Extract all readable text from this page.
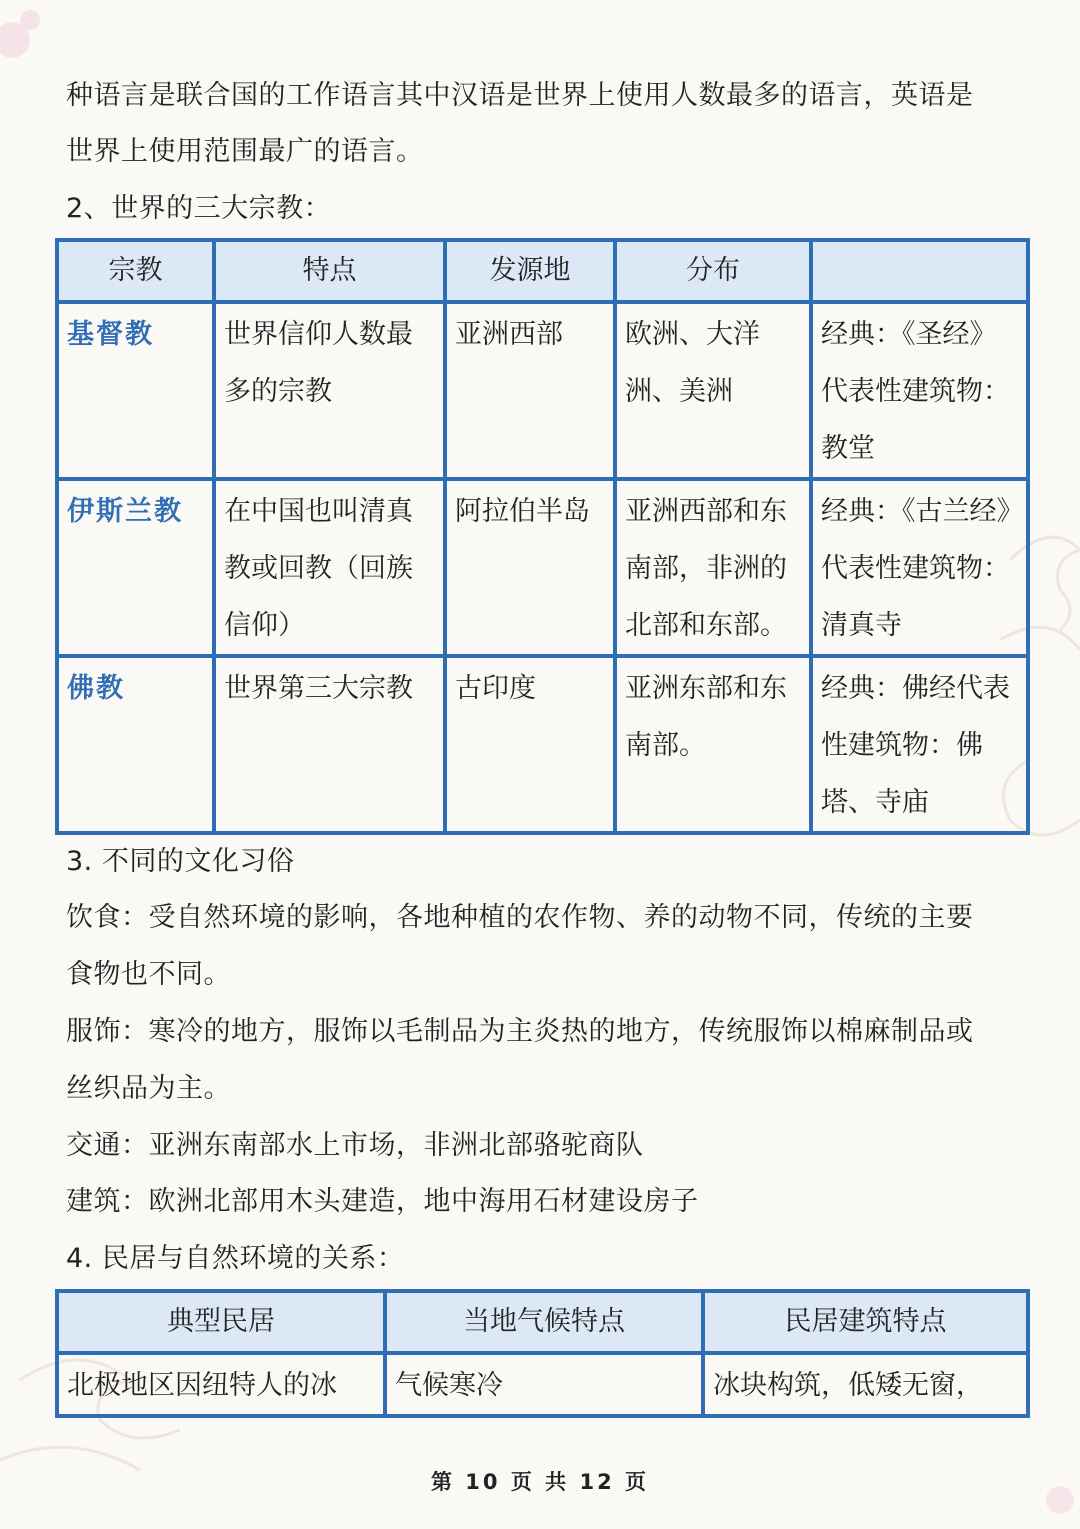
种语言是联合国的工作语言其中汉语是世界上使用人数最多的语言，英语是
世界上使用范围最广的语言。
2、世界的三大宗教：
宗教	特点	发源地	分布	
基督教	世界信仰人数最多的宗教	亚洲西部	欧洲、大洋洲、美洲	经典：《圣经》代表性建筑物：教堂

伊斯兰教	在中国也叫清真教或回教（回族信仰）	阿拉伯半岛	亚洲西部和东南部，非洲的北部和东部。	经典：《古兰经》代表性建筑物：清真寺

佛教	世界第三大宗教	古印度	亚洲东部和东南部。	经典：佛经代表性建筑物：佛塔、寺庙
3. 不同的文化习俗
饮食：受自然环境的影响，各地种植的农作物、养的动物不同，传统的主要
食物也不同。
服饰：寒冷的地方，服饰以毛制品为主炎热的地方，传统服饰以棉麻制品或
丝织品为主。
交通：亚洲东南部水上市场，非洲北部骆驼商队
建筑：欧洲北部用木头建造，地中海用石材建设房子
4. 民居与自然环境的关系：
典型民居	当地气候特点	民居建筑特点
北极地区因纽特人的冰	气候寒冷	冰块构筑，低矮无窗，
第 10 页 共 12 页
